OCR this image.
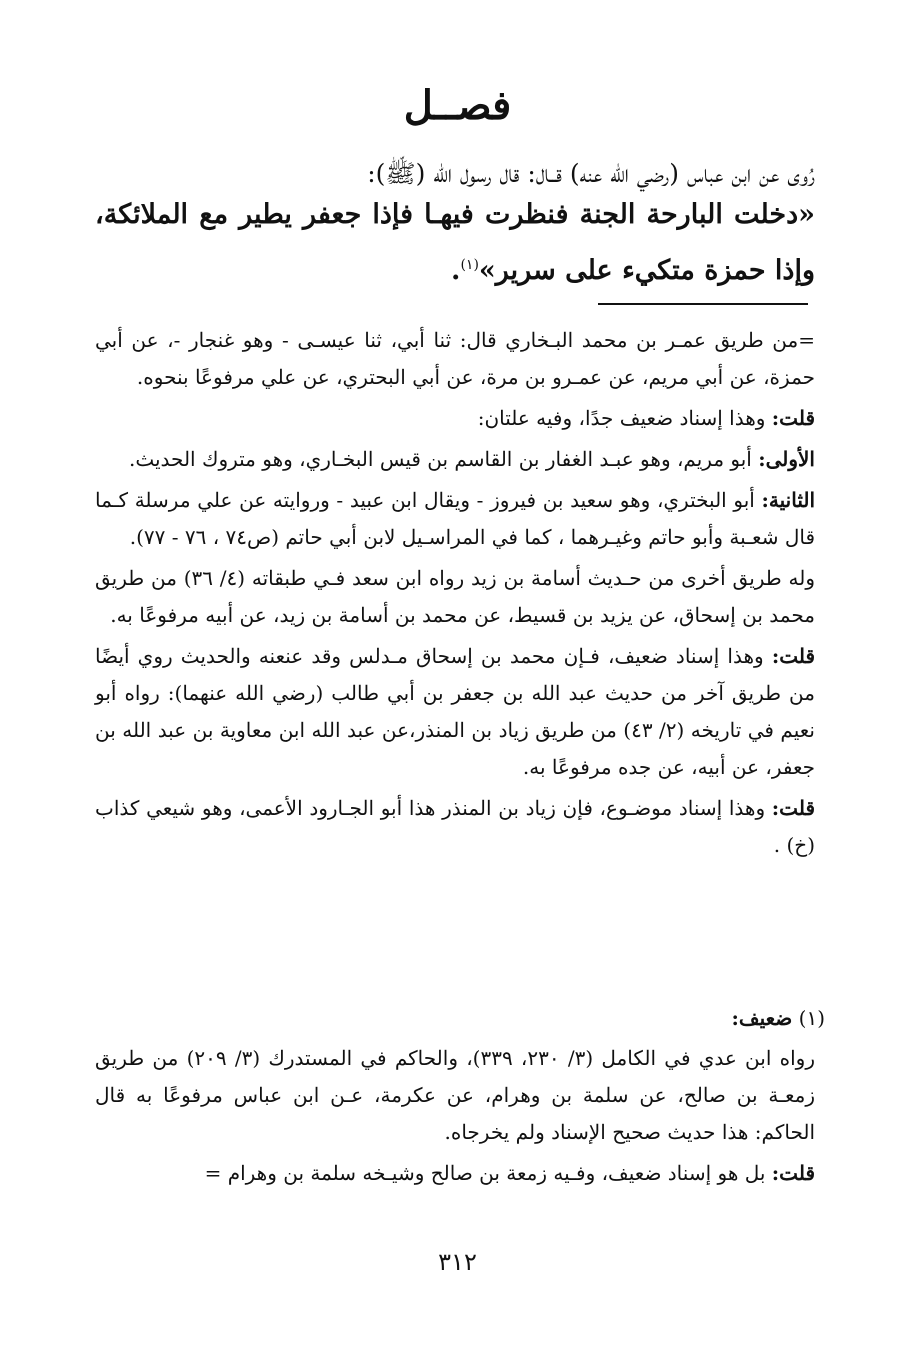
فصــل
رُوى عن ابن عباس (رضي الله عنه) قــال: قال رسول الله (ﷺ):
«دخلت البارحة الجنة فنظرت فيهـا فإذا جعفر يطير مع الملائكة، وإذا حمزة متكيء على سرير»$^{(١)}$.

=من طريق عمـر بن محمد البـخاري قال: ثنا أبي، ثنا عيسـى - وهو غنجار -، عن أبي حمزة، عن أبي مريم، عن عمـرو بن مرة، عن أبي البحتري، عن علي مرفوعًا بنحوه.

قلت: وهذا إسناد ضعيف جدًا، وفيه علتان:

الأولى: أبو مريم، وهو عبـد الغفار بن القاسم بن قيس البخـاري، وهو متروك الحديث.

الثانية: أبو البختري، وهو سعيد بن فيروز - ويقال ابن عبيد - وروايته عن علي مرسلة كـما قال شعـبة وأبو حاتم وغيـرهما ، كما في المراسـيل لابن أبي حاتم (ص٧٤ ، ٧٦ - ٧٧).

وله طريق أخرى من حـديث أسامة بن زيد رواه ابن سعد فـي طبقاته (٤/ ٣٦) من طريق محمد بن إسحاق، عن يزيد بن قسيط، عن محمد بن أسامة بن زيد، عن أبيه مرفوعًا به.

قلت: وهذا إسناد ضعيف، فـإن محمد بن إسحاق مـدلس وقد عنعنه والحديث روي أيضًا من طريق آخر من حديث عبد الله بن جعفر بن أبي طالب (رضي الله عنهما): رواه أبو نعيم في تاريخه (٢/ ٤٣) من طريق زياد بن المنذر،عن عبد الله ابن معاوية بن عبد الله بن جعفر، عن أبيه، عن جده مرفوعًا به.

قلت: وهذا إسناد موضـوع، فإن زياد بن المنذر هذا أبو الجـارود الأعمى، وهو شيعي كذاب (خ) .

(١) ضعيف:

رواه ابن عدي في الكامل (٣/ ٢٣٠، ٣٣٩)، والحاكم في المستدرك (٣/ ٢٠٩) من طريق زمعـة بن صالح، عن سلمة بن وهرام، عن عكرمة، عـن ابن عباس مرفوعًا به قال الحاكم: هذا حديث صحيح الإسناد ولم يخرجاه.

قلت: بل هو إسناد ضعيف، وفـيه زمعة بن صالح وشيـخه سلمة بن وهرام =

٣١٢
